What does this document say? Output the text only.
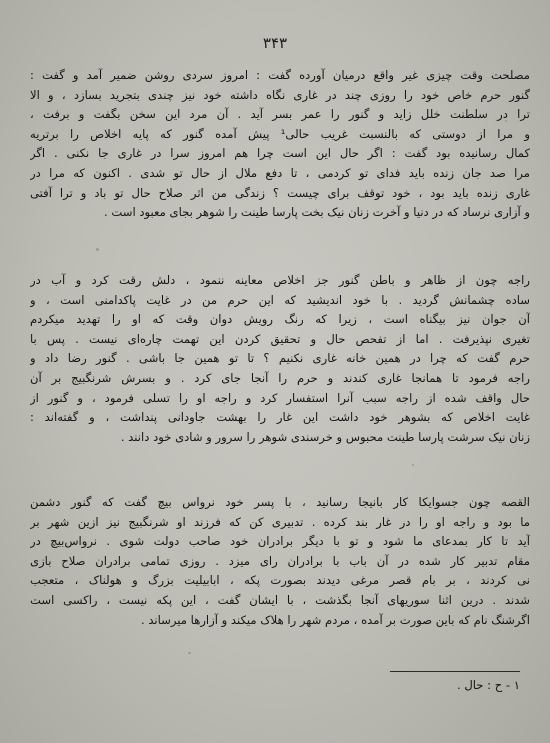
۳۴۳
مصلحت وقت چیزی غیر واقع درمیان آورده گفت : امروز سردی روشن ضمیر آمد و گفت :
گنور حرم خاص خود را روزی چند در غاری نگاه داشته خود نیز چندی بتجرید بسازد ، و الا
ترا در سلطنت خلل زاید و گنور را عمر بسر آید . آن مرد این سخن بگفت و برفت ،
و مرا از دوستی که بالنسبت غریب حالی¹ پیش آمده گنور که پایه اخلاص را برتریه
کمال رسانیده بود گفت : اگر حال این است چرا هم امروز سرا در غاری جا نکنی . اگر
مرا صد جان زنده باید فدای تو کردمی ، تا دفع ملال از حال تو شدی . اکنون که مرا در
غاری زنده باید بود ، خود توقف برای چیست ؟ زندگی من اثر صلاح حال تو باد و ترا آفتی
و آزاری نرساد که در دنیا و آخرت زنان نیک بخت پارسا طینت را شوهر بجای معبود است .
راجه چون از ظاهر و باطن گنور جز اخلاص معاینه ننمود ، دلش رقت کرد و آب در
ساده چشمانش گردید . با خود اندیشید که این حرم من در غایت پاکدامنی است ، و
آن جوان نیز بیگناه است ، زیرا که رنگ رویش دوان وقت که او را تهدید میکردم
تغیری نپذیرفت . اما از تفحص حال و تحقیق کردن این تهمت چاره‌ای نیست . پس با
حرم گفت که چرا در همین خانه غاری نکنیم ؟ تا تو همین جا باشی . گنور رضا داد و
راجه فرمود تا همانجا غاری کندند و حرم را آنجا جای کرد . و بسرش شرنگبیج بر آن
حال واقف شده از راجه سبب آنرا استفسار کرد و راجه او را تسلی فرمود ، و گنور از
غایت اخلاص که بشوهر خود داشت این غار را بهشت جاودانی پنداشت ، و گفته‌اند :
زنان نیک سرشت پارسا طینت محبوس و خرسندی شوهر را سرور و شادی خود دانند .
القصه چون جسوایکا کار بانیجا رسانید ، با پسر خود نرواس بیچ گفت که گنور دشمن
ما بود و راجه او را در غار بند کرده . تدبیری کن که فرزند او شرنگبیج نیز ازین شهر بر
آید تا کار بمدعای ما شود و تو با دیگر برادران خود صاحب دولت شوی . نرواس‌بیچ در
مقام تدبیر کار شده در آن باب با برادران رای میزد . روزی تمامی برادران صلاح بازی
نی کردند ، بر بام قصر مرغی دیدند بصورت پکه ، ابابیلیت بزرگ و هولناک ، متعجب
شدند . درین اثنا سوریهای آنجا بگذشت ، با ایشان گفت ، این پکه نیست ، راکسی است
اگرشنگ نام که باین صورت بر آمده ، مردم شهر را هلاک میکند و آزارها میرساند .
١ - ح : حال .
